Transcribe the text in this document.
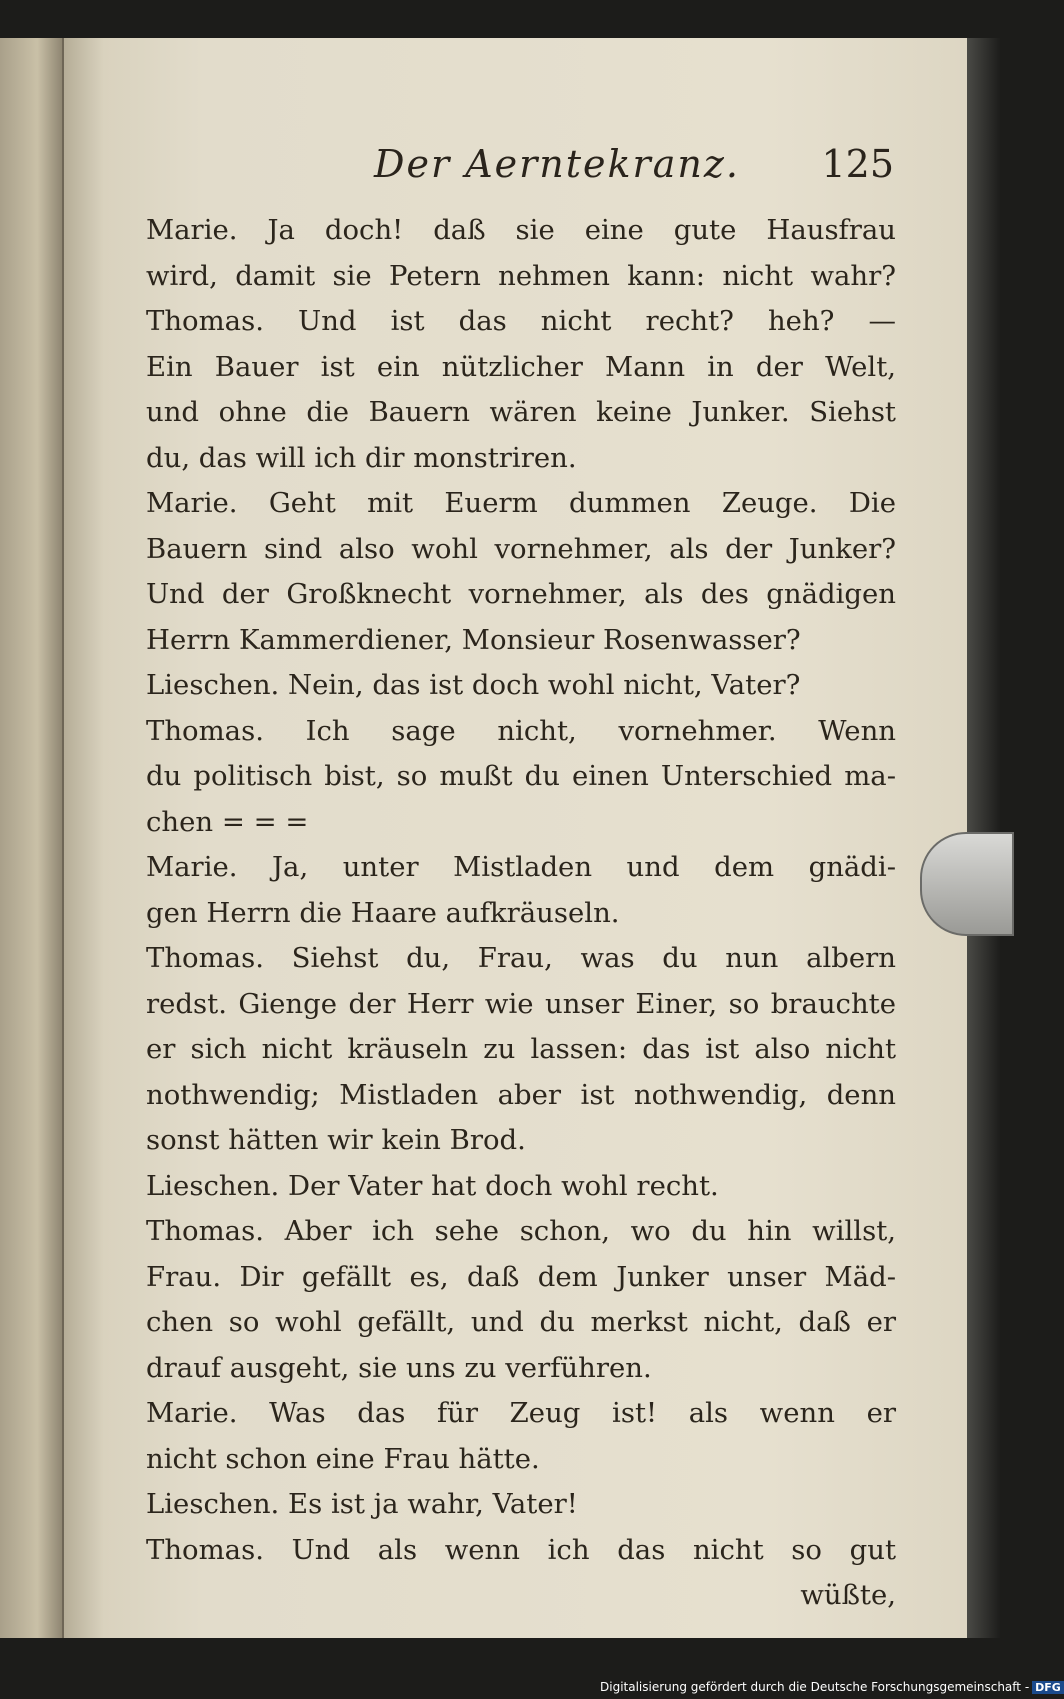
Der Aerntekranz. 125
Marie. Ja doch! daß sie eine gute Hausfrau
wird, damit sie Petern nehmen kann: nicht wahr?
Thomas. Und ist das nicht recht? heh? —
Ein Bauer ist ein nützlicher Mann in der Welt,
und ohne die Bauern wären keine Junker. Siehst
du, das will ich dir monstriren.
Marie. Geht mit Euerm dummen Zeuge. Die
Bauern sind also wohl vornehmer, als der Junker?
Und der Großknecht vornehmer, als des gnädigen
Herrn Kammerdiener, Monsieur Rosenwasser?
Lieschen. Nein, das ist doch wohl nicht, Vater?
Thomas. Ich sage nicht, vornehmer. Wenn
du politisch bist, so mußt du einen Unterschied ma-
chen = = =
Marie. Ja, unter Mistladen und dem gnädi-
gen Herrn die Haare aufkräuseln.
Thomas. Siehst du, Frau, was du nun albern
redst. Gienge der Herr wie unser Einer, so brauchte
er sich nicht kräuseln zu lassen: das ist also nicht
nothwendig; Mistladen aber ist nothwendig, denn
sonst hätten wir kein Brod.
Lieschen. Der Vater hat doch wohl recht.
Thomas. Aber ich sehe schon, wo du hin willst,
Frau. Dir gefällt es, daß dem Junker unser Mäd-
chen so wohl gefällt, und du merkst nicht, daß er
drauf ausgeht, sie uns zu verführen.
Marie. Was das für Zeug ist! als wenn er
nicht schon eine Frau hätte.
Lieschen. Es ist ja wahr, Vater!
Thomas. Und als wenn ich das nicht so gut
wüßte,
Digitalisierung gefördert durch die Deutsche Forschungsgemeinschaft - DFG
